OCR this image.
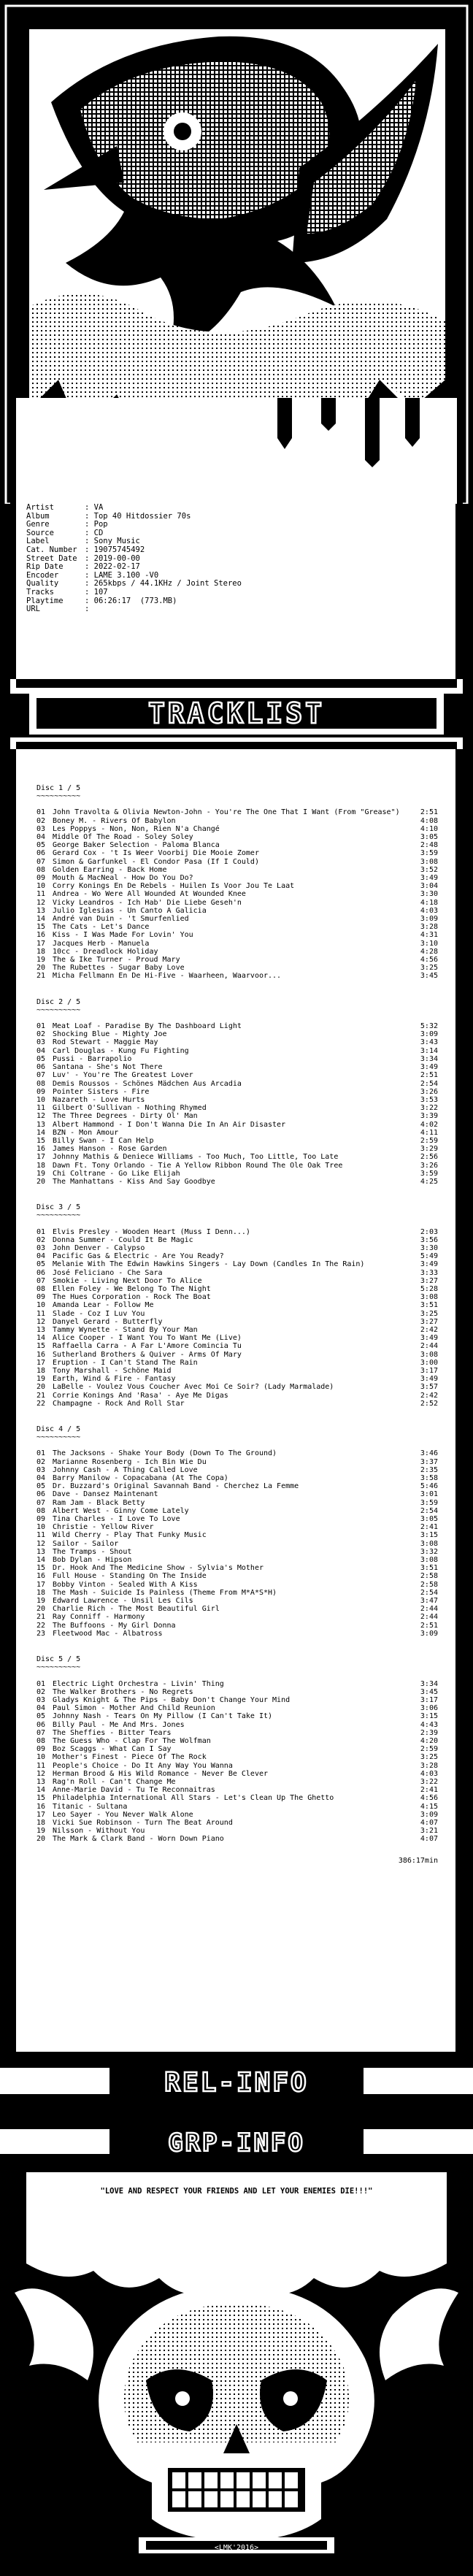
Artist	: VA
Album	: Top 40 Hitdossier 70s
Genre	: Pop
Source	: CD
Label	: Sony Music
Cat. Number : 19075745492
Street Date : 2019-00-00
Rip Date	: 2022-02-17
Encoder	: LAME 3.100 -V0
Quality	: 265kbps / 44.1KHz / Joint Stereo
Tracks	: 107
Playtime	: 06:26:17  (773.MB)
URL	:
TRACKLIST
Disc 1 / 5
~~~~~~~~~~
01 John Travolta & Olivia Newton-John - You're The One That I Want (From "Grease")	2:51
02 Boney M. - Rivers Of Babylon	4:08
03 Les Poppys - Non, Non, Rien N'a Changé	4:10
04 Middle Of The Road - Soley Soley	3:05
05 George Baker Selection - Paloma Blanca	2:48
06 Gerard Cox - 't Is Weer Voorbij Die Mooie Zomer	3:59
07 Simon & Garfunkel - El Condor Pasa (If I Could)	3:08
08 Golden Earring - Back Home	3:52
09 Mouth & MacNeal - How Do You Do?	3:49
10 Corry Konings En De Rebels - Huilen Is Voor Jou Te Laat	3:04
11 Andrea - Wo Were All Wounded At Wounded Knee	3:30
12 Vicky Leandros - Ich Hab' Die Liebe Geseh'n	4:18
13 Julio Iglesias - Un Canto A Galicia	4:03
14 André van Duin - 't Smurfenlied	3:09
15 The Cats - Let's Dance	3:28
16 Kiss - I Was Made For Lovin' You	4:31
17 Jacques Herb - Manuela	3:10
18 10cc - Dreadlock Holiday	4:28
19 The & Ike Turner - Proud Mary	4:56
20 The Rubettes - Sugar Baby Love	3:25
21 Micha Fellmann En De Hi-Five - Waarheen, Waarvoor...	3:45
Disc 2 / 5
~~~~~~~~~~
01 Meat Loaf - Paradise By The Dashboard Light	5:32
02 Shocking Blue - Mighty Joe	3:09
03 Rod Stewart - Maggie May	3:43
04 Carl Douglas - Kung Fu Fighting	3:14
05 Pussi - Barrapolio	3:34
06 Santana - She's Not There	3:49
07 Luv' - You're The Greatest Lover	2:51
08 Demis Roussos - Schönes Mädchen Aus Arcadia	2:54
09 Pointer Sisters - Fire	3:26
10 Nazareth - Love Hurts	3:53
11 Gilbert O'Sullivan - Nothing Rhymed	3:22
12 The Three Degrees - Dirty Ol' Man	3:39
13 Albert Hammond - I Don't Wanna Die In An Air Disaster	4:02
14 BZN - Mon Amour	4:11
15 Billy Swan - I Can Help	2:59
16 James Hanson - Rose Garden	3:29
17 Johnny Mathis & Deniece Williams - Too Much, Too Little, Too Late	2:56
18 Dawn Ft. Tony Orlando - Tie A Yellow Ribbon Round The Ole Oak Tree	3:26
19 Chi Coltrane - Go Like Elijah	3:59
20 The Manhattans - Kiss And Say Goodbye	4:25
Disc 3 / 5
~~~~~~~~~~
01 Elvis Presley - Wooden Heart (Muss I Denn...)	2:03
02 Donna Summer - Could It Be Magic	3:56
03 John Denver - Calypso	3:30
04 Pacific Gas & Electric - Are You Ready?	5:49
05 Melanie With The Edwin Hawkins Singers - Lay Down (Candles In The Rain)	3:49
06 José Feliciano - Che Sara	3:33
07 Smokie - Living Next Door To Alice	3:27
08 Ellen Foley - We Belong To The Night	5:28
09 The Hues Corporation - Rock The Boat	3:08
10 Amanda Lear - Follow Me	3:51
11 Slade - Coz I Luv You	3:25
12 Danyel Gerard - Butterfly	3:27
13 Tammy Wynette - Stand By Your Man	2:42
14 Alice Cooper - I Want You To Want Me (Live)	3:49
15 Raffaella Carra - A Far L'Amore Comincia Tu	2:44
16 Sutherland Brothers & Quiver - Arms Of Mary	3:08
17 Eruption - I Can't Stand The Rain	3:00
18 Tony Marshall - Schöne Maid	3:17
19 Earth, Wind & Fire - Fantasy	3:49
20 LaBelle - Voulez Vous Coucher Avec Moi Ce Soir? (Lady Marmalade)	3:57
21 Corrie Konings And 'Rasa' - Aye Me Digas	2:42
22 Champagne - Rock And Roll Star	2:52
Disc 4 / 5
~~~~~~~~~~
01 The Jacksons - Shake Your Body (Down To The Ground)	3:46
02 Marianne Rosenberg - Ich Bin Wie Du	3:37
03 Johnny Cash - A Thing Called Love	2:35
04 Barry Manilow - Copacabana (At The Copa)	3:58
05 Dr. Buzzard's Original Savannah Band - Cherchez La Femme	5:46
06 Dave - Dansez Maintenant	3:01
07 Ram Jam - Black Betty	3:59
08 Albert West - Ginny Come Lately	2:54
09 Tina Charles - I Love To Love	3:05
10 Christie - Yellow River	2:41
11 Wild Cherry - Play That Funky Music	3:15
12 Sailor - Sailor	3:08
13 The Tramps - Shout	3:32
14 Bob Dylan - Hipson	3:08
15 Dr. Hook And The Medicine Show - Sylvia's Mother	3:51
16 Full House - Standing On The Inside	2:58
17 Bobby Vinton - Sealed With A Kiss	2:58
18 The Mash - Suicide Is Painless (Theme From M*A*S*H)	2:54
19 Edward Lawrence - Unsil Les Cils	3:47
20 Charlie Rich - The Most Beautiful Girl	2:44
21 Ray Conniff - Harmony	2:44
22 The Buffoons - My Girl Donna	2:51
23 Fleetwood Mac - Albatross	3:09
Disc 5 / 5
~~~~~~~~~~
01 Electric Light Orchestra - Livin' Thing	3:34
02 The Walker Brothers - No Regrets	3:45
03 Gladys Knight & The Pips - Baby Don't Change Your Mind	3:17
04 Paul Simon - Mother And Child Reunion	3:06
05 Johnny Nash - Tears On My Pillow (I Can't Take It)	3:15
06 Billy Paul - Me And Mrs. Jones	4:43
07 The Sheffies - Bitter Tears	2:39
08 The Guess Who - Clap For The Wolfman	4:20
09 Boz Scaggs - What Can I Say	2:59
10 Mother's Finest - Piece Of The Rock	3:25
11 People's Choice - Do It Any Way You Wanna	3:28
12 Herman Brood & His Wild Romance - Never Be Clever	4:03
13 Rag'n Roll - Can't Change Me	3:22
14 Anne-Marie David - Tu Te Reconnaitras	2:41
15 Philadelphia International All Stars - Let's Clean Up The Ghetto	4:56
16 Titanic - Sultana	4:15
17 Leo Sayer - You Never Walk Alone	3:09
18 Vicki Sue Robinson - Turn The Beat Around	4:07
19 Nilsson - Without You	3:21
20 The Mark & Clark Band - Worn Down Piano	4:07
386:17min
REL-INFO
GRP-INFO
"LOVE AND RESPECT YOUR FRIENDS AND LET YOUR ENEMIES DIE!!!"
<LMK'2016>
